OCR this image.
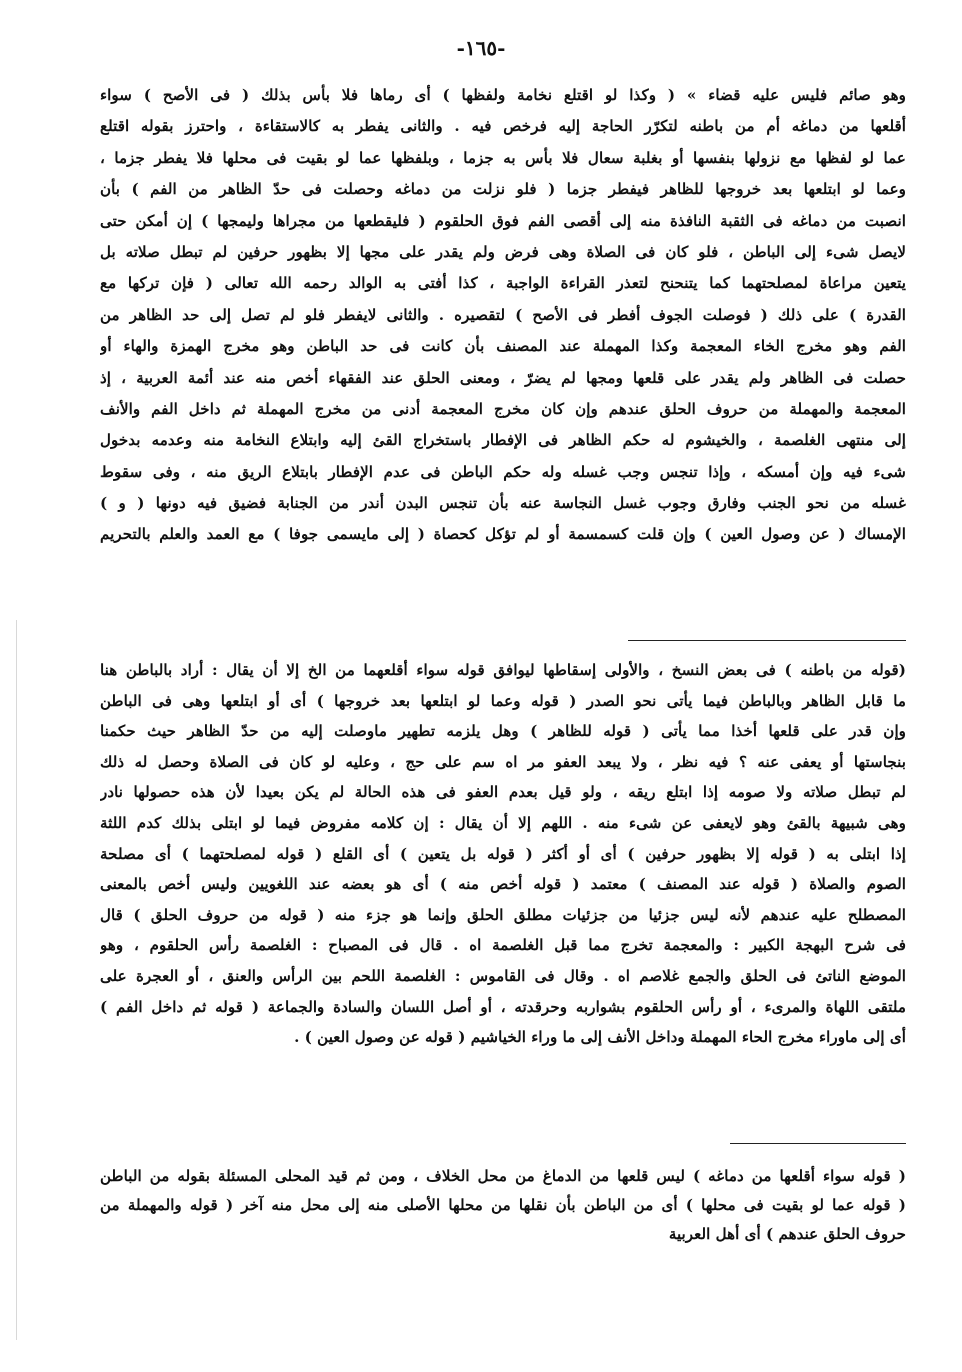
-١٦٥-
وهو صائم فليس عليه قضاء » ( وكذا لو اقتلع نخامة ولفظها ) أى رماها فلا بأس بذلك ( فى الأصح ) سواء
أقلعها من دماغه أم من باطنه لتكرّر الحاجة إليه فرخص فيه . والثانى يفطر به كالاستقاءة ، واحترز بقوله اقتلع
عما لو لفظها مع نزولها بنفسها أو بغلبة سعال فلا بأس به جزما ، وبلفظها عما لو بقيت فى محلها فلا يفطر جزما ،
وعما لو ابتلعها بعد خروجها للظاهر فيفطر جزما ( فلو نزلت من دماغه وحصلت فى حدّ الظاهر من الفم ) بأن
انصبت من دماغه فى الثقبة النافذة منه إلى أقصى الفم فوق الحلقوم ( فليقطعها من مجراها وليمجها ) إن أمكن حتى
لايصل شىء إلى الباطن ، فلو كان فى الصلاة وهى فرض ولم يقدر على مجها إلا بظهور حرفين لم تبطل صلاته بل
يتعين مراعاة لمصلحتهما كما يتنحنح لتعذر القراءة الواجبة ، كذا أفتى به الوالد رحمه الله تعالى ( فإن تركها مع
القدرة ) على ذلك ( فوصلت الجوف أفطر فى الأصح ) لتقصيره . والثانى لايفطر فلو لم تصل إلى حد الظاهر من
الفم وهو مخرج الخاء المعجمة وكذا المهملة عند المصنف بأن كانت فى حد الباطن وهو مخرج الهمزة والهاء أو
حصلت فى الظاهر ولم يقدر على قلعها ومجها لم يضرّ ، ومعنى الحلق عند الفقهاء أخص منه عند أئمة العربية ، إذ
المعجمة والمهملة من حروف الحلق عندهم وإن كان مخرج المعجمة أدنى من مخرج المهملة ثم داخل الفم والأنف
إلى منتهى الغلصمة ، والخيشوم له حكم الظاهر فى الإفطار باستخراج القئ إليه وابتلاع النخامة منه وعدمه بدخول
شىء فيه وإن أمسكه ، وإذا تنجس وجب غسله وله حكم الباطن فى عدم الإفطار بابتلاع الريق منه ، وفى سقوط
غسله من نحو الجنب وفارق وجوب غسل النجاسة عنه بأن تنجس البدن أندر من الجنابة فضيق فيه دونها ( و )
الإمساك ( عن وصول العين ) وإن قلت كسمسمة أو لم تؤكل كحصاة ( إلى مايسمى جوفا ) مع العمد والعلم بالتحريم
(قوله من باطنه ) فى بعض النسخ ، والأولى إسقاطها ليوافق قوله سواء أقلعهما من الخ إلا أن يقال : أراد بالباطن هنا
ما قابل الظاهر وبالباطن فيما يأتى نحو الصدر ( قوله وعما لو ابتلعها بعد خروجها ) أى أو ابتلعها وهى فى الباطن
وإن قدر على قلعها أخذا مما يأتى ( قوله للظاهر ) وهل يلزمه تطهير ماوصلت إليه من حدّ الظاهر حيث حكمنا
بنجاستها أو يعفى عنه ؟ فيه نظر ، ولا يبعد العفو مر اه سم على حج ، وعليه لو كان فى الصلاة وحصل له ذلك
لم تبطل صلاته ولا صومه إذا ابتلع ريقه ، ولو قيل بعدم العفو فى هذه الحالة لم يكن بعيدا لأن هذه حصولها نادر
وهى شبيهة بالقئ وهو لايعفى عن شىء منه . اللهم إلا أن يقال : إن كلامه مفروض فيما لو ابتلى بذلك كدم اللثة
إذا ابتلى به ( قوله إلا بظهور حرفين ) أى أو أكثر ( قوله بل يتعين ) أى القلع ( قوله لمصلحتهما ) أى مصلحة
الصوم والصلاة ( قوله عند المصنف ) معتمد ( قوله أخص منه ) أى هو بعضه عند اللغويين وليس أخص بالمعنى
المصطلح عليه عندهم لأنه ليس جزئيا من جزئيات مطلق الحلق وإنما هو جزء منه ( قوله من حروف الحلق ) قال
فى شرح البهجة الكبير : والمعجمة تخرج مما قبل الغلصمة اه . قال فى المصباح : الغلصمة رأس الحلقوم ، وهو
الموضع الناتئ فى الحلق والجمع غلاصم اه . وقال فى القاموس : الغلصمة اللحم بين الرأس والعنق ، أو العجرة على
ملتقى اللهاة والمرىء ، أو رأس الحلقوم بشواربه وحرقدته ، أو أصل اللسان والسادة والجماعة ( قوله ثم داخل الفم )
أى إلى ماوراء مخرج الحاء المهملة وداخل الأنف إلى ما وراء الخياشيم ( قوله عن وصول العين ) .
( قوله سواء أقلعها من دماغه ) ليس قلعها من الدماغ من محل الخلاف ، ومن ثم قيد المحلى المسئلة بقوله من الباطن
( قوله عما لو بقيت فى محلها ) أى من الباطن بأن نقلها من محلها الأصلى منه إلى محل منه آخر ( قوله والمهملة من
حروف الحلق عندهم ) أى أهل العربية
